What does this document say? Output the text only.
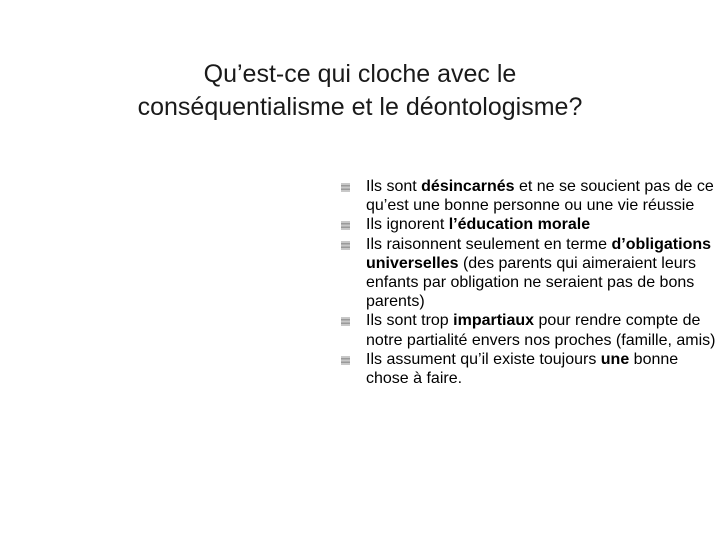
Qu’est-ce qui cloche avec le
conséquentialisme et le déontologisme?
Ils sont désincarnés et ne se soucient pas de ce qu’est une bonne personne ou une vie réussie
Ils ignorent l’éducation morale
Ils raisonnent seulement en terme d’obligations universelles (des parents qui aimeraient leurs enfants par obligation ne seraient pas de bons parents)
Ils sont trop impartiaux pour rendre compte de notre partialité envers nos proches (famille, amis)
Ils assument qu’il existe toujours une bonne chose à faire.
